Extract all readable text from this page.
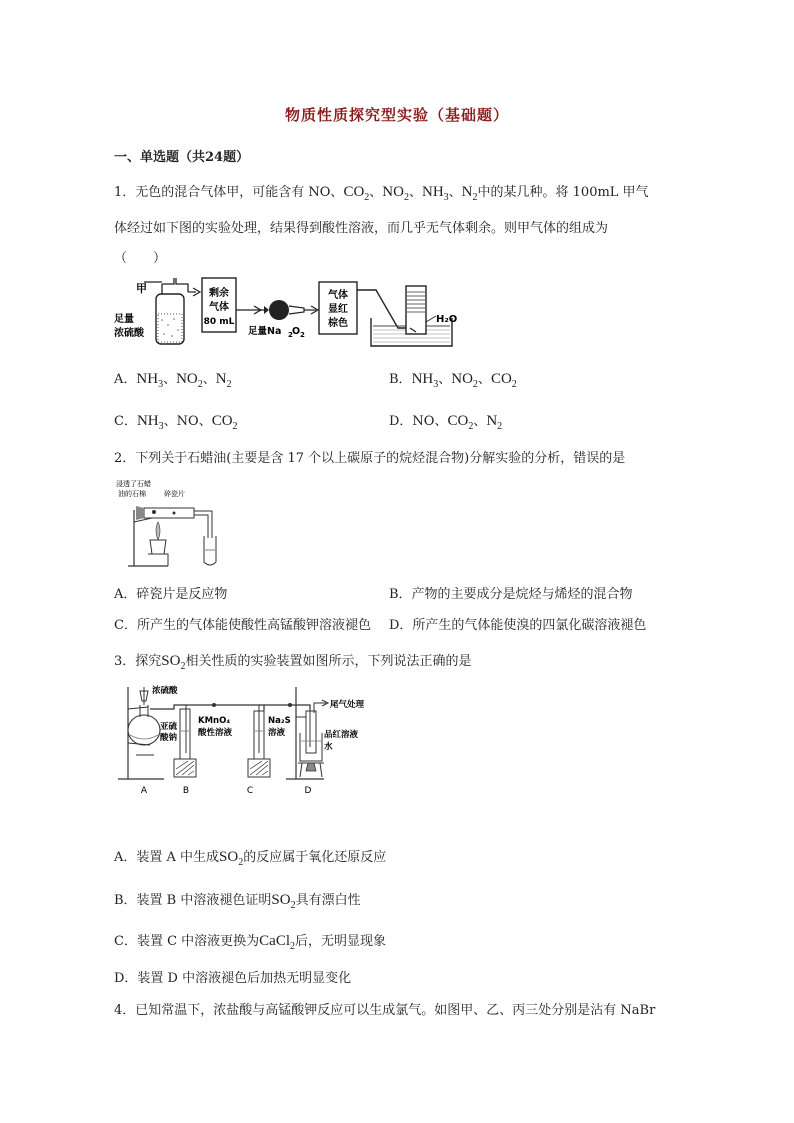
物质性质探究型实验（基础题）
一、单选题（共24题）
1．无色的混合气体甲，可能含有 NO、$CO_2$、$NO_2$、$NH_3$、$N_2$中的某几种。将 100mL 甲气
体经过如下图的实验处理，结果得到酸性溶液，而几乎无气体剩余。则甲气体的组成为
（　　）
甲
足量
浓硫酸
剩余
气体
80 mL
足量Na 2 O 2
气体
显红
棕色	H₂O
A．$NH_3$、$NO_2$、$N_2$	B．$NH_3$、$NO_2$、$CO_2$
C．$NH_3$、NO、$CO_2$	D．NO、$CO_2$、$N_2$
2．下列关于石蜡油(主要是含 17 个以上碳原子的烷烃混合物)分解实验的分析，错误的是
浸透了石蜡
油的石棉	碎瓷片
A．碎瓷片是反应物	B．产物的主要成分是烷烃与烯烃的混合物
C．所产生的气体能使酸性高锰酸钾溶液褪色 D．所产生的气体能使溴的四氯化碳溶液褪色
3．探究$SO_2$相关性质的实验装置如图所示，下列说法正确的是
浓硫酸
亚硫
酸钠
KMnO₄
酸性溶液
Na₂S
溶液
尾气处理
品红溶液
水
A	B	C	D
A．装置 A 中生成$SO_2$的反应属于氧化还原反应
B．装置 B 中溶液褪色证明$SO_2$具有漂白性
C．装置 C 中溶液更换为CaCl$_2$后，无明显现象
D．装置 D 中溶液褪色后加热无明显变化
4．已知常温下，浓盐酸与高锰酸钾反应可以生成氯气。如图甲、乙、丙三处分别是沾有 NaBr
